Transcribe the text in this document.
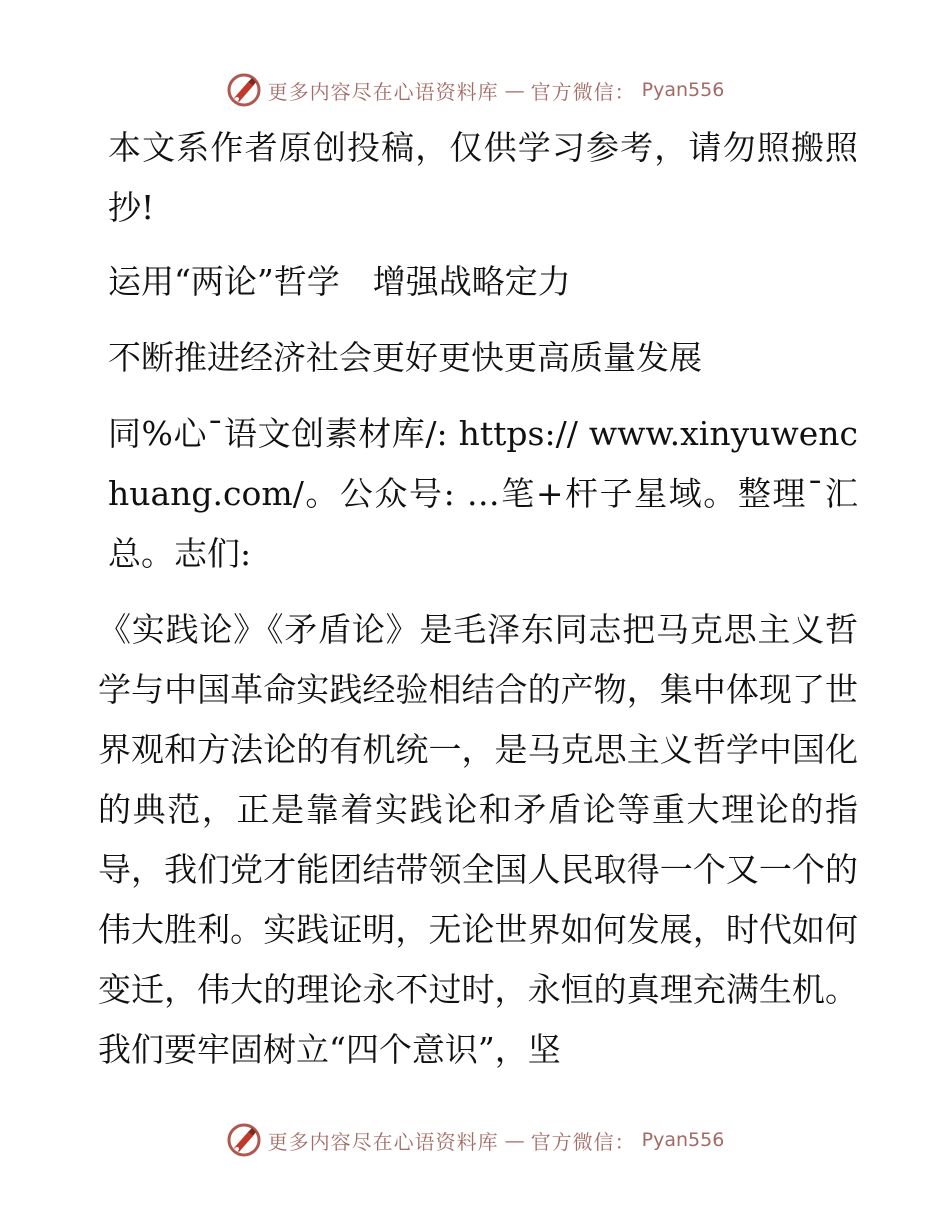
更多内容尽在心语资料库 — 官方微信： Pyan556

本文系作者原创投稿，仅供学习参考，请勿照搬照抄!

运用“两论”哲学　增强战略定力

不断推进经济社会更好更快更高质量发展

同%心¯语文创素材库/: https:// www.xinyuwenchuang.com/。公众号: …笔+杆子星域。整理¯汇总。志们:

《实践论》《矛盾论》是毛泽东同志把马克思主义哲学与中国革命实践经验相结合的产物，集中体现了世界观和方法论的有机统一，是马克思主义哲学中国化的典范，正是靠着实践论和矛盾论等重大理论的指导，我们党才能团结带领全国人民取得一个又一个的伟大胜利。实践证明，无论世界如何发展，时代如何变迁，伟大的理论永不过时，永恒的真理充满生机。我们要牢固树立“四个意识”，坚

更多内容尽在心语资料库 — 官方微信： Pyan556
